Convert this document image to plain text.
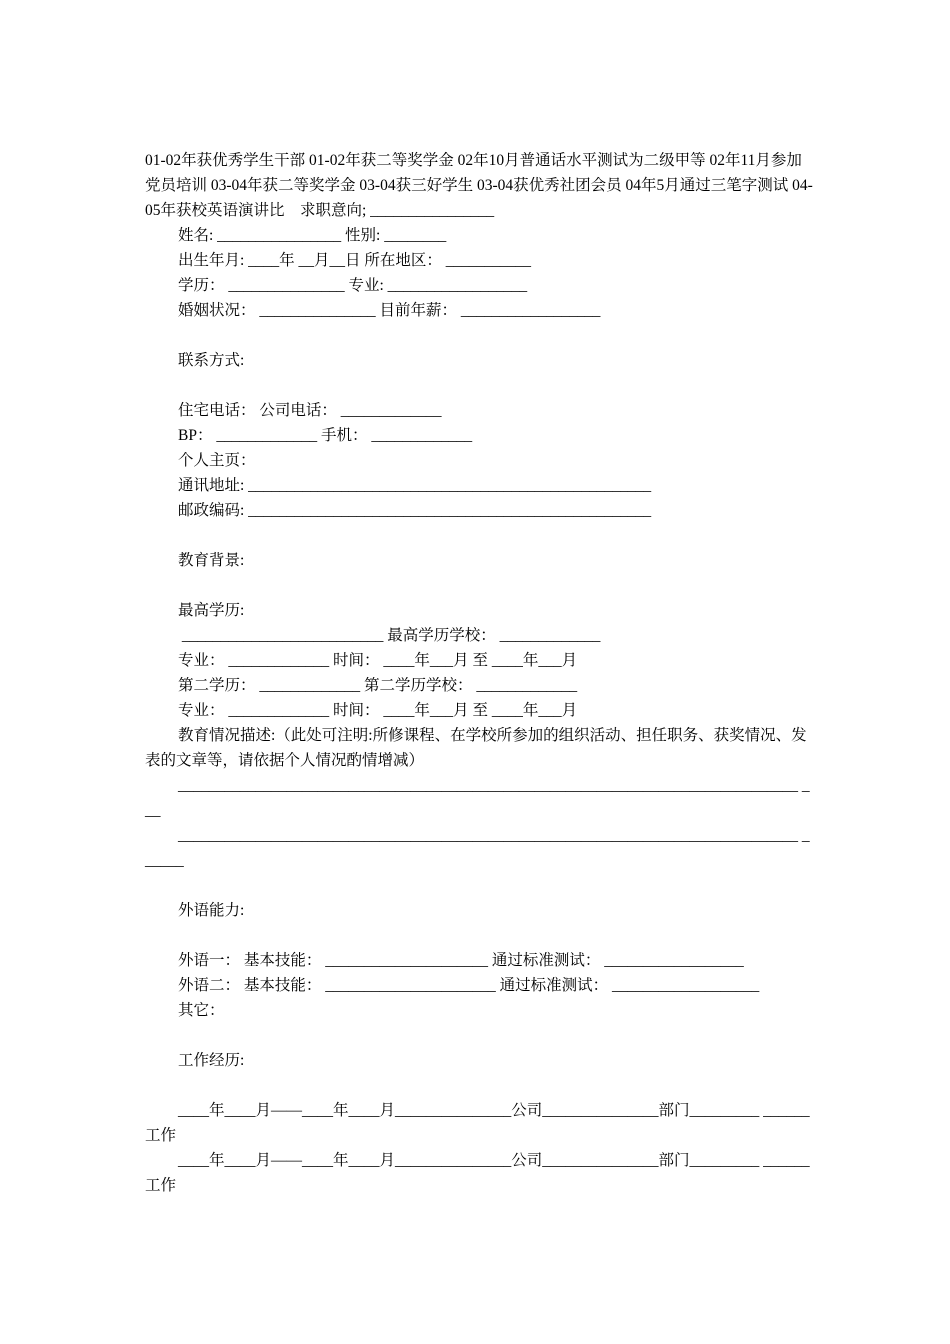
01-02年获优秀学生干部 01-02年获二等奖学金 02年10月普通话水平测试为二级甲等 02年11月参加党员培训 03-04年获二等奖学金 03-04获三好学生 03-04获优秀社团会员 04年5月通过三笔字测试 04-05年获校英语演讲比　求职意向; ________________

姓名: ________________ 性别: ________

出生年月: ____年 __月__日 所在地区： ___________

学历： _______________ 专业: __________________

婚姻状况： _______________ 目前年薪： __________________

联系方式:

住宅电话： 公司电话： _____________

BP： _____________ 手机： _____________

个人主页：

通讯地址: ____________________________________________________

邮政编码: ____________________________________________________

教育背景:

最高学历:

__________________________ 最高学历学校： _____________

专业： _____________ 时间： ____年___月 至 ____年___月

第二学历： _____________ 第二学历学校： _____________

专业： _____________ 时间： ____年___月 至 ____年___月

教育情况描述:（此处可注明:所修课程、在学校所参加的组织活动、担任职务、获奖情况、发表的文章等，请依据个人情况酌情增减）

________________________________________________________________________________ ___

________________________________________________________________________________ ______

外语能力:

外语一： 基本技能： _____________________ 通过标准测试： __________________

外语二： 基本技能： ______________________ 通过标准测试： ___________________

其它：

工作经历:

____年____月——____年____月_______________公司_______________部门_________ ______工作

____年____月——____年____月_______________公司_______________部门_________ ______工作
